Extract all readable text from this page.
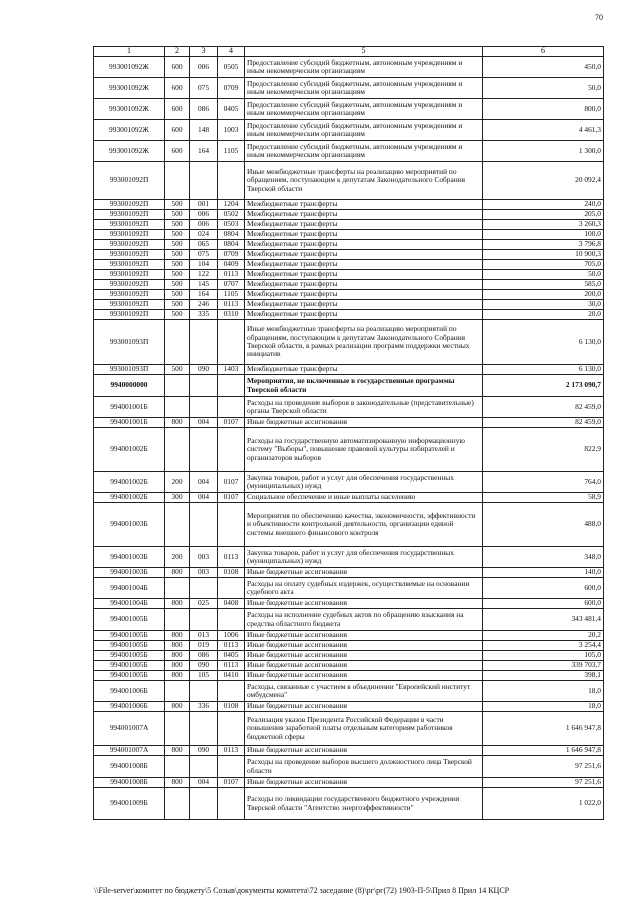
70
1	2	3	4	5	6
993001092Ж	600	006	0505	Предоставление субсидий бюджетным, автономным учреждениям и иным некоммерческим организациям	450,0
993001092Ж	600	075	0709	Предоставление субсидий бюджетным, автономным учреждениям и иным некоммерческим организациям	50,0
993001092Ж	600	086	0405	Предоставление субсидий бюджетным, автономным учреждениям и иным некоммерческим организациям	800,0
993001092Ж	600	148	1003	Предоставление субсидий бюджетным, автономным учреждениям и иным некоммерческим организациям	4 461,3
993001092Ж	600	164	1105	Предоставление субсидий бюджетным, автономным учреждениям и иным некоммерческим организациям	1 300,0
993001092П				Иные межбюджетные трансферты на реализацию мероприятий по обращениям, поступающим к депутатам Законодательного Собрания Тверской области	20 092,4
993001092П	500	001	1204	Межбюджетные трансферты	240,0
993001092П	500	006	0502	Межбюджетные трансферты	205,0
993001092П	500	006	0503	Межбюджетные трансферты	3 260,3
993001092П	500	024	0804	Межбюджетные трансферты	100,0
993001092П	500	065	0804	Межбюджетные трансферты	3 796,8
993001092П	500	075	0709	Межбюджетные трансферты	10 900,3
993001092П	500	104	0409	Межбюджетные трансферты	705,0
993001092П	500	122	0113	Межбюджетные трансферты	50,0
993001092П	500	145	0707	Межбюджетные трансферты	585,0
993001092П	500	164	1105	Межбюджетные трансферты	200,0
993001092П	500	246	0113	Межбюджетные трансферты	30,0
993001092П	500	335	0310	Межбюджетные трансферты	20,0
993001093П				Иные межбюджетные трансферты на реализацию мероприятий по обращениям, поступающим к депутатам Законодательного Собрания Тверской области, в рамках реализации программ поддержки местных инициатив	6 130,0
993001093П	500	090	1403	Межбюджетные трансферты	6 130,0
9940000000				Мероприятия, не включенные в государственные программы Тверской области	2 173 090,7
994001001Б				Расходы на проведение выборов в законодательные (представительные) органы Тверской области	82 459,0
994001001Б	800	004	0107	Иные бюджетные ассигнования	82 459,0
994001002Б				Расходы на государственную автоматизированную информационную систему "Выборы", повышение правовой культуры избирателей и организаторов выборов	822,9
994001002Б	200	004	0107	Закупка товаров, работ и услуг для обеспечения государственных (муниципальных) нужд	764,0
994001002Б	300	004	0107	Социальное обеспечение и иные выплаты населению	58,9
994001003Б				Мероприятия по обеспечению качества, экономичности, эффективности и объективности контрольной деятельности, организации единой системы внешнего финансового контроля	488,0
994001003Б	200	003	0113	Закупка товаров, работ и услуг для обеспечения государственных (муниципальных) нужд	348,0
994001003Б	800	003	0108	Иные бюджетные ассигнования	140,0
994001004Б				Расходы на оплату судебных издержек, осуществляемые на основании судебного акта	600,0
994001004Б	800	025	0408	Иные бюджетные ассигнования	600,0
994001005Б				Расходы на исполнение судебных актов по обращению взыскания на средства областного бюджета	343 481,4
994001005Б	800	013	1006	Иные бюджетные ассигнования	20,2
994001005Б	800	019	0113	Иные бюджетные ассигнования	3 254,4
994001005Б	800	086	0405	Иные бюджетные ассигнования	105,0
994001005Б	800	090	0113	Иные бюджетные ассигнования	339 703,7
994001005Б	800	105	0410	Иные бюджетные ассигнования	398,1
994001006Б				Расходы, связанные с участием в объединении "Европейский институт омбудсмена"	18,0
994001006Б	800	336	0108	Иные бюджетные ассигнования	18,0
994001007А				Реализация указов Президента Российской Федерации в части повышения заработной платы отдельным категориям работников бюджетной сферы	1 646 947,8
994001007А	800	090	0113	Иные бюджетные ассигнования	1 646 947,8
994001008Б				Расходы на проведение выборов высшего должностного лица Тверской области	97 251,6
994001008Б	800	004	0107	Иные бюджетные ассигнования	97 251,6
994001009Б				Расходы по ликвидации государственного бюджетного учреждения Тверской области "Агентство энергоэффективности"	1 022,0
\\File-server\комитет по бюджету\5 Созыв\документы комитета\72 заседание (8)\рг\рг(72) 1903-П-5\Прил 8 Прил 14 КЦСР
